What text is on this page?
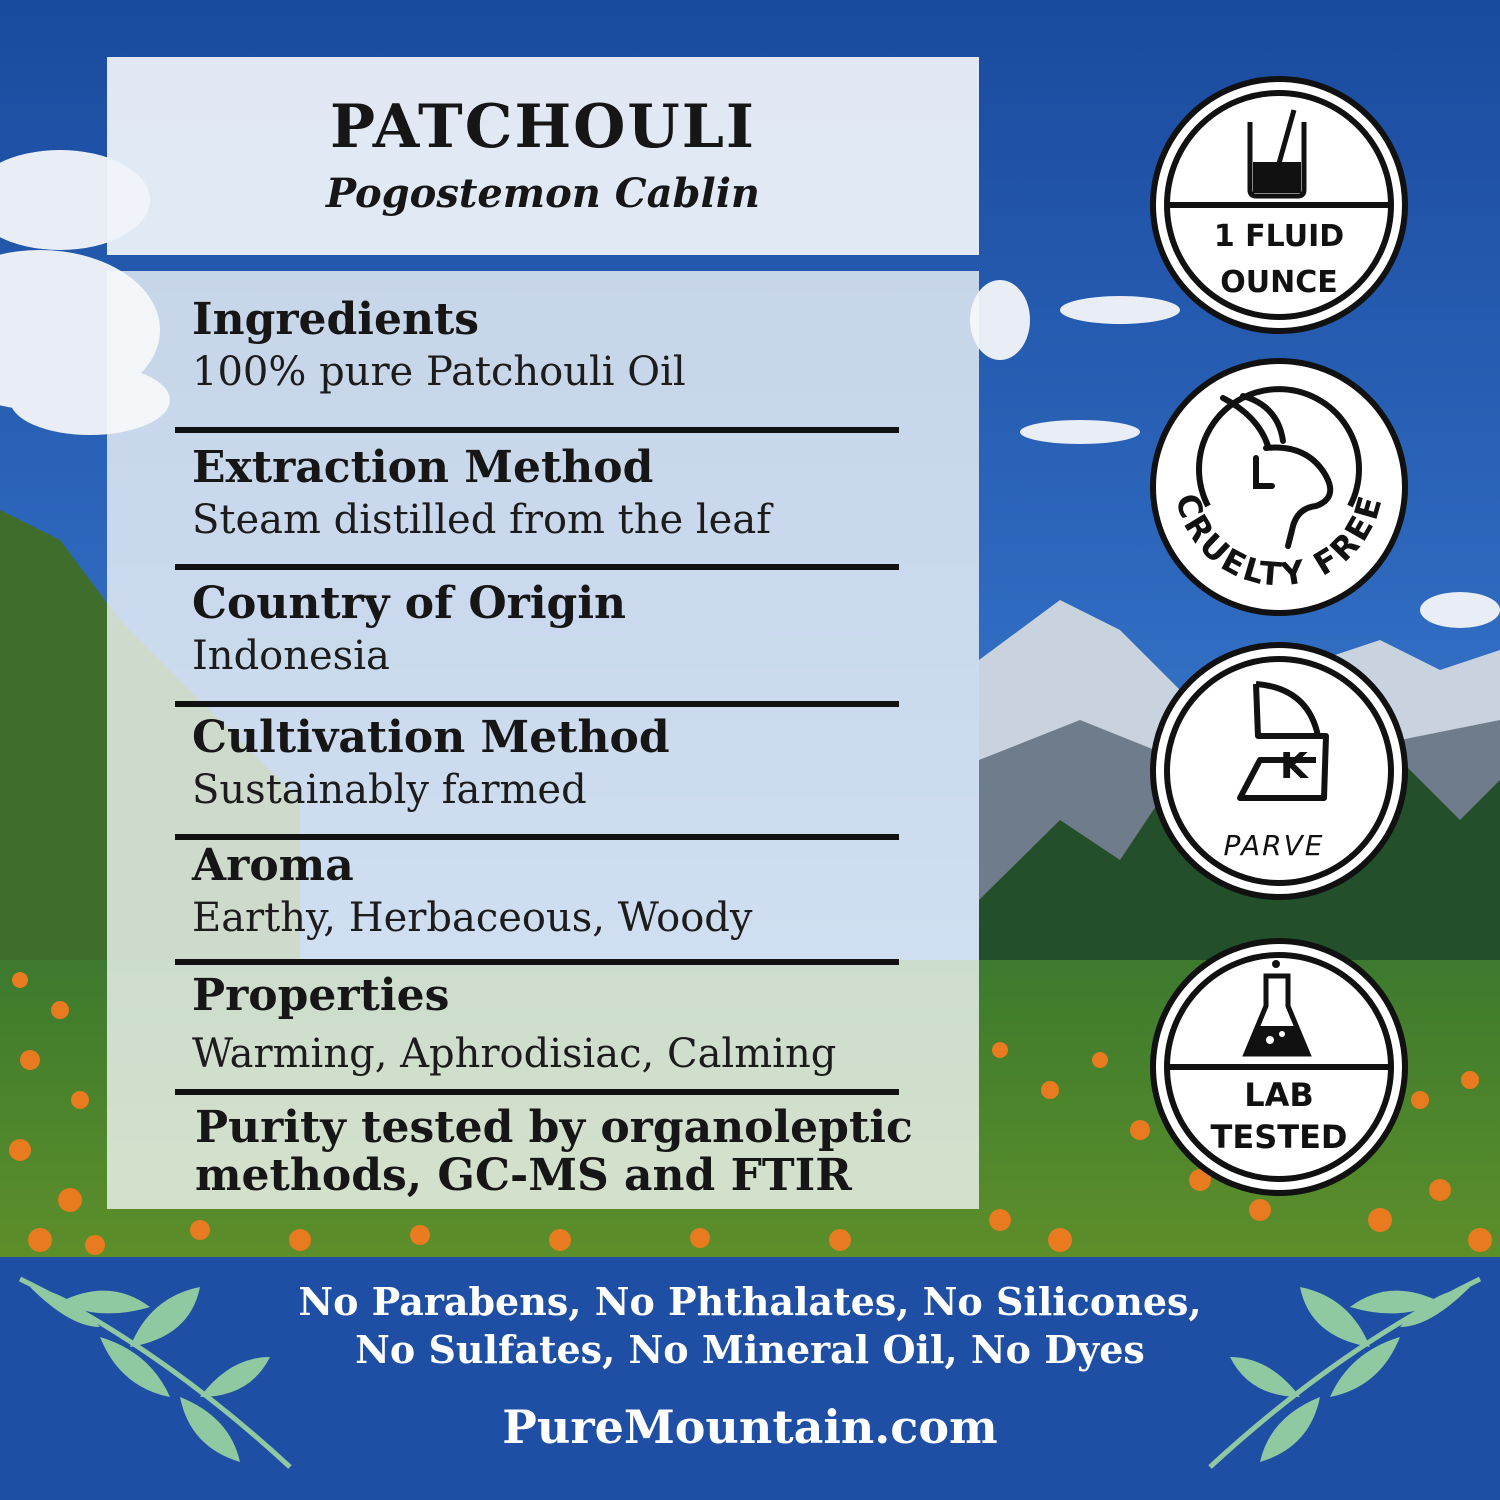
PATCHOULI
Pogostemon Cablin
Ingredients
100% pure Patchouli Oil
Extraction Method
Steam distilled from the leaf
Country of Origin
Indonesia
Cultivation Method
Sustainably farmed
Aroma
Earthy, Herbaceous, Woody
Properties
Warming, Aphrodisiac, Calming
Purity tested by organoleptic
methods, GC-MS and FTIR
1 FLUID
OUNCE
CRUELTY FREE
K
PARVE
LAB
TESTED
No Parabens, No Phthalates, No Silicones,
No Sulfates, No Mineral Oil, No Dyes
PureMountain.com
